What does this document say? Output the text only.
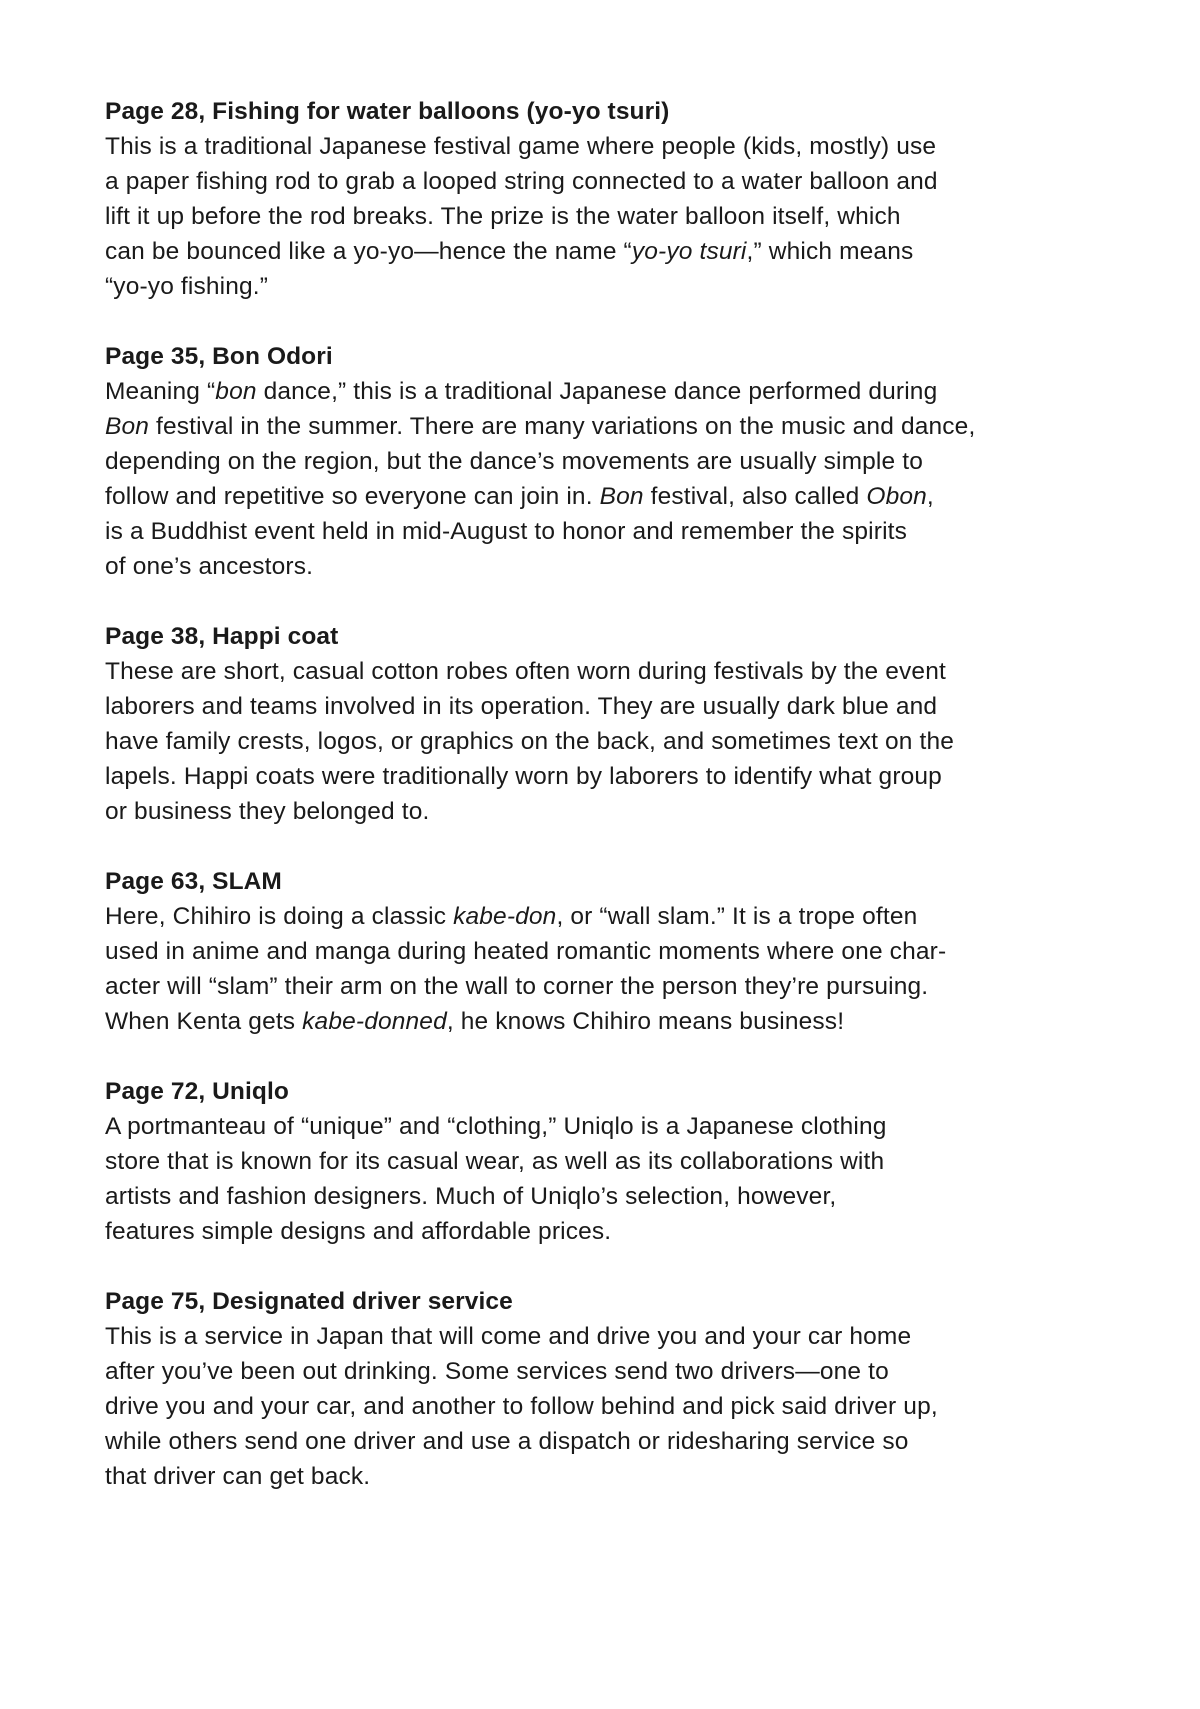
Page 28, Fishing for water balloons (yo-yo tsuri)

This is a traditional Japanese festival game where people (kids, mostly) use
a paper fishing rod to grab a looped string connected to a water balloon and
lift it up before the rod breaks. The prize is the water balloon itself, which
can be bounced like a yo-yo—hence the name “yo-yo tsuri,” which means
“yo-yo fishing.”

Page 35, Bon Odori

Meaning “bon dance,” this is a traditional Japanese dance performed during
Bon festival in the summer. There are many variations on the music and dance,
depending on the region, but the dance’s movements are usually simple to
follow and repetitive so everyone can join in. Bon festival, also called Obon,
is a Buddhist event held in mid-August to honor and remember the spirits
of one’s ancestors.

Page 38, Happi coat

These are short, casual cotton robes often worn during festivals by the event
laborers and teams involved in its operation. They are usually dark blue and
have family crests, logos, or graphics on the back, and sometimes text on the
lapels. Happi coats were traditionally worn by laborers to identify what group
or business they belonged to.

Page 63, SLAM

Here, Chihiro is doing a classic kabe-don, or “wall slam.” It is a trope often
used in anime and manga during heated romantic moments where one char-
acter will “slam” their arm on the wall to corner the person they’re pursuing.
When Kenta gets kabe-donned, he knows Chihiro means business!

Page 72, Uniqlo

A portmanteau of “unique” and “clothing,” Uniqlo is a Japanese clothing
store that is known for its casual wear, as well as its collaborations with
artists and fashion designers. Much of Uniqlo’s selection, however,
features simple designs and affordable prices.

Page 75, Designated driver service

This is a service in Japan that will come and drive you and your car home
after you’ve been out drinking. Some services send two drivers—one to
drive you and your car, and another to follow behind and pick said driver up,
while others send one driver and use a dispatch or ridesharing service so
that driver can get back.
